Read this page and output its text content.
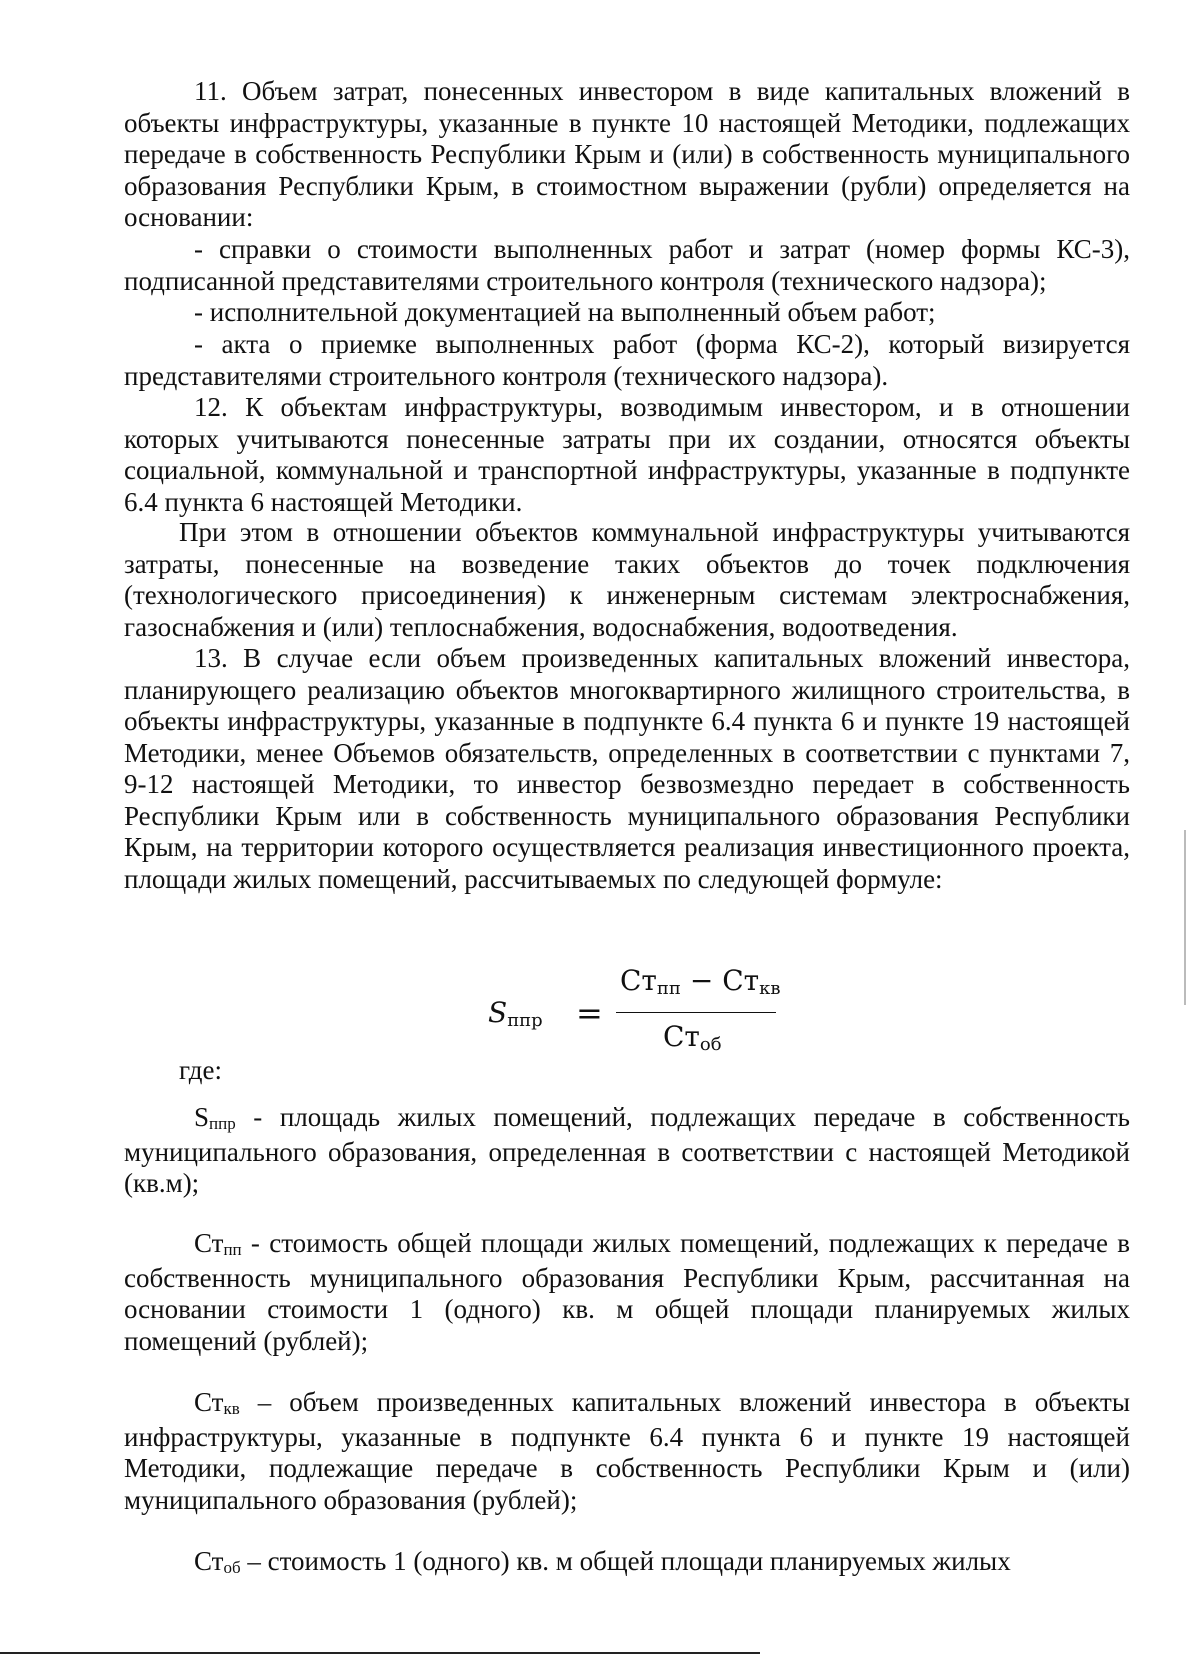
11. Объем затрат, понесенных инвестором в виде капитальных вложений в объекты инфраструктуры, указанные в пункте 10 настоящей Методики, подлежащих передаче в собственность Республики Крым и (или) в собственность муниципального образования Республики Крым, в стоимостном выражении (рубли) определяется на основании:

- справки о стоимости выполненных работ и затрат (номер формы КС-3), подписанной представителями строительного контроля (технического надзора);

- исполнительной документацией на выполненный объем работ;

- акта о приемке выполненных работ (форма КС-2), который визируется представителями строительного контроля (технического надзора).

12. К объектам инфраструктуры, возводимым инвестором, и в отношении которых учитываются понесенные затраты при их создании, относятся объекты социальной, коммунальной и транспортной инфраструктуры, указанные в подпункте 6.4 пункта 6 настоящей Методики.

При этом в отношении объектов коммунальной инфраструктуры учитываются затраты, понесенные на возведение таких объектов до точек подключения (технологического присоединения) к инженерным системам электроснабжения, газоснабжения и (или) теплоснабжения, водоснабжения, водоотведения.

13. В случае если объем произведенных капитальных вложений инвестора, планирующего реализацию объектов многоквартирного жилищного строительства, в объекты инфраструктуры, указанные в подпункте 6.4 пункта 6 и пункте 19 настоящей Методики, менее Объемов обязательств, определенных в соответствии с пунктами 7, 9-12 настоящей Методики, то инвестор безвозмездно передает в собственность Республики Крым или в собственность муниципального образования Республики Крым, на территории которого осуществляется реализация инвестиционного проекта, площади жилых помещений, рассчитываемых по следующей формуле:

$S_{ппр}$ =
$Ст_{пп} - Ст_{кв}$
$Ст_{об}$

где:

$S_{ппр}$ - площадь жилых помещений, подлежащих передаче в собственность муниципального образования, определенная в соответствии с настоящей Методикой (кв.м);

$Ст_{пп}$ - стоимость общей площади жилых помещений, подлежащих к передаче в собственность муниципального образования Республики Крым, рассчитанная на основании стоимости 1 (одного) кв. м общей площади планируемых жилых помещений (рублей);

$Ст_{кв}$ – объем произведенных капитальных вложений инвестора в объекты инфраструктуры, указанные в подпункте 6.4 пункта 6 и пункте 19 настоящей Методики, подлежащие передаче в собственность Республики Крым и (или) муниципального образования (рублей);

$Ст_{об}$ – стоимость 1 (одного) кв. м общей площади планируемых жилых
